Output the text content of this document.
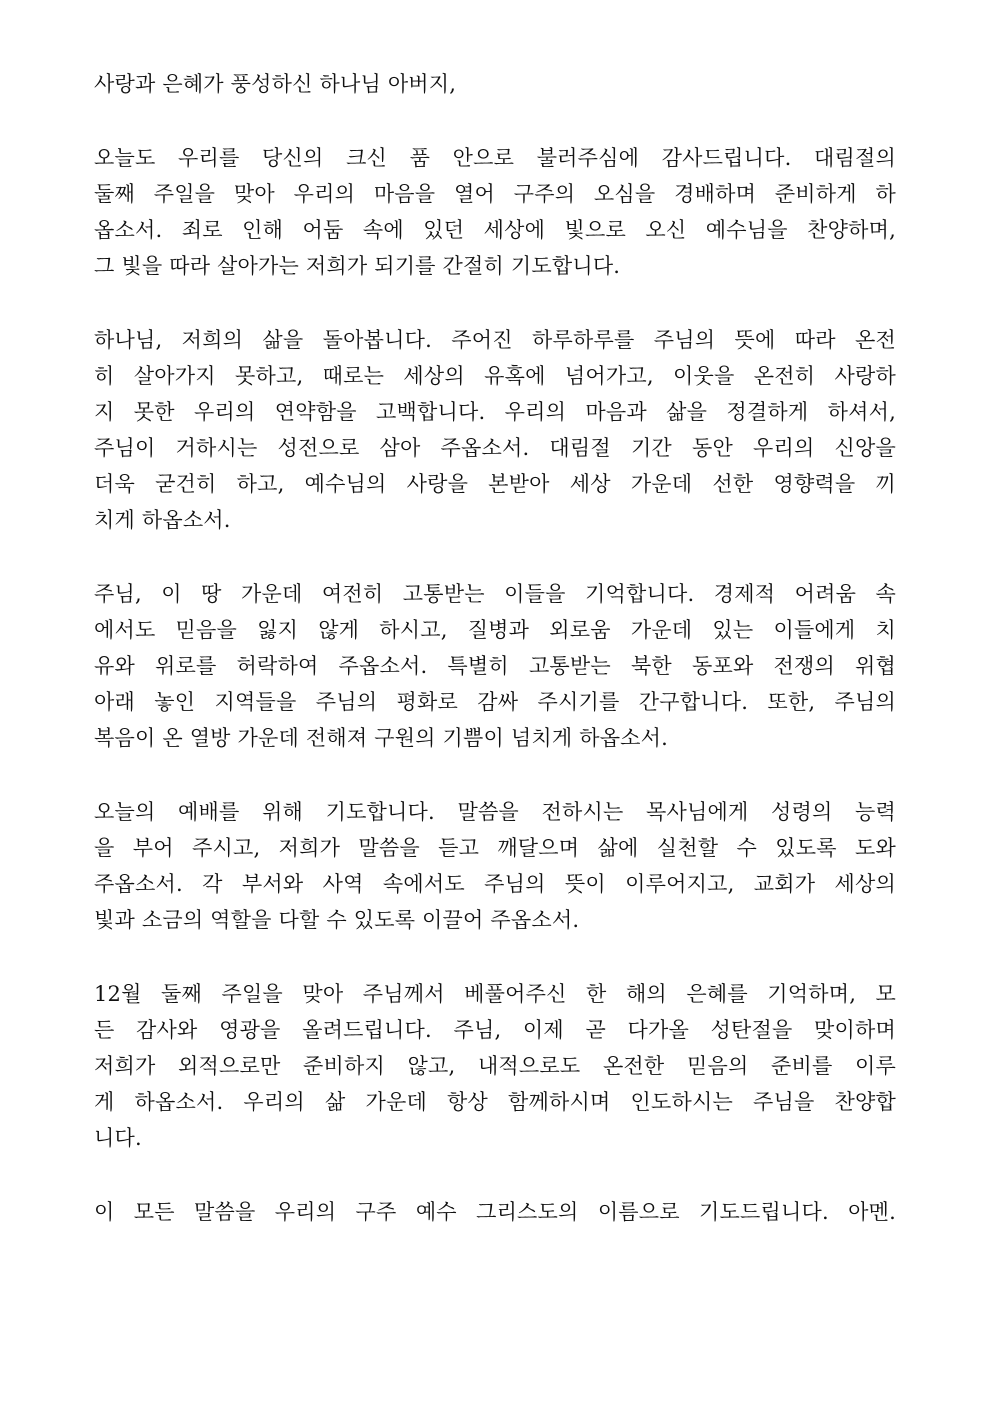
사랑과 은혜가 풍성하신 하나님 아버지,
오늘도 우리를 당신의 크신 품 안으로 불러주심에 감사드립니다. 대림절의
둘째 주일을 맞아 우리의 마음을 열어 구주의 오심을 경배하며 준비하게 하
옵소서. 죄로 인해 어둠 속에 있던 세상에 빛으로 오신 예수님을 찬양하며,
그 빛을 따라 살아가는 저희가 되기를 간절히 기도합니다.
하나님, 저희의 삶을 돌아봅니다. 주어진 하루하루를 주님의 뜻에 따라 온전
히 살아가지 못하고, 때로는 세상의 유혹에 넘어가고, 이웃을 온전히 사랑하
지 못한 우리의 연약함을 고백합니다. 우리의 마음과 삶을 정결하게 하셔서,
주님이 거하시는 성전으로 삼아 주옵소서. 대림절 기간 동안 우리의 신앙을
더욱 굳건히 하고, 예수님의 사랑을 본받아 세상 가운데 선한 영향력을 끼
치게 하옵소서.
주님, 이 땅 가운데 여전히 고통받는 이들을 기억합니다. 경제적 어려움 속
에서도 믿음을 잃지 않게 하시고, 질병과 외로움 가운데 있는 이들에게 치
유와 위로를 허락하여 주옵소서. 특별히 고통받는 북한 동포와 전쟁의 위협
아래 놓인 지역들을 주님의 평화로 감싸 주시기를 간구합니다. 또한, 주님의
복음이 온 열방 가운데 전해져 구원의 기쁨이 넘치게 하옵소서.
오늘의 예배를 위해 기도합니다. 말씀을 전하시는 목사님에게 성령의 능력
을 부어 주시고, 저희가 말씀을 듣고 깨달으며 삶에 실천할 수 있도록 도와
주옵소서. 각 부서와 사역 속에서도 주님의 뜻이 이루어지고, 교회가 세상의
빛과 소금의 역할을 다할 수 있도록 이끌어 주옵소서.
12월 둘째 주일을 맞아 주님께서 베풀어주신 한 해의 은혜를 기억하며, 모
든 감사와 영광을 올려드립니다. 주님, 이제 곧 다가올 성탄절을 맞이하며
저희가 외적으로만 준비하지 않고, 내적으로도 온전한 믿음의 준비를 이루
게 하옵소서. 우리의 삶 가운데 항상 함께하시며 인도하시는 주님을 찬양합
니다.
이 모든 말씀을 우리의 구주 예수 그리스도의 이름으로 기도드립니다. 아멘.
